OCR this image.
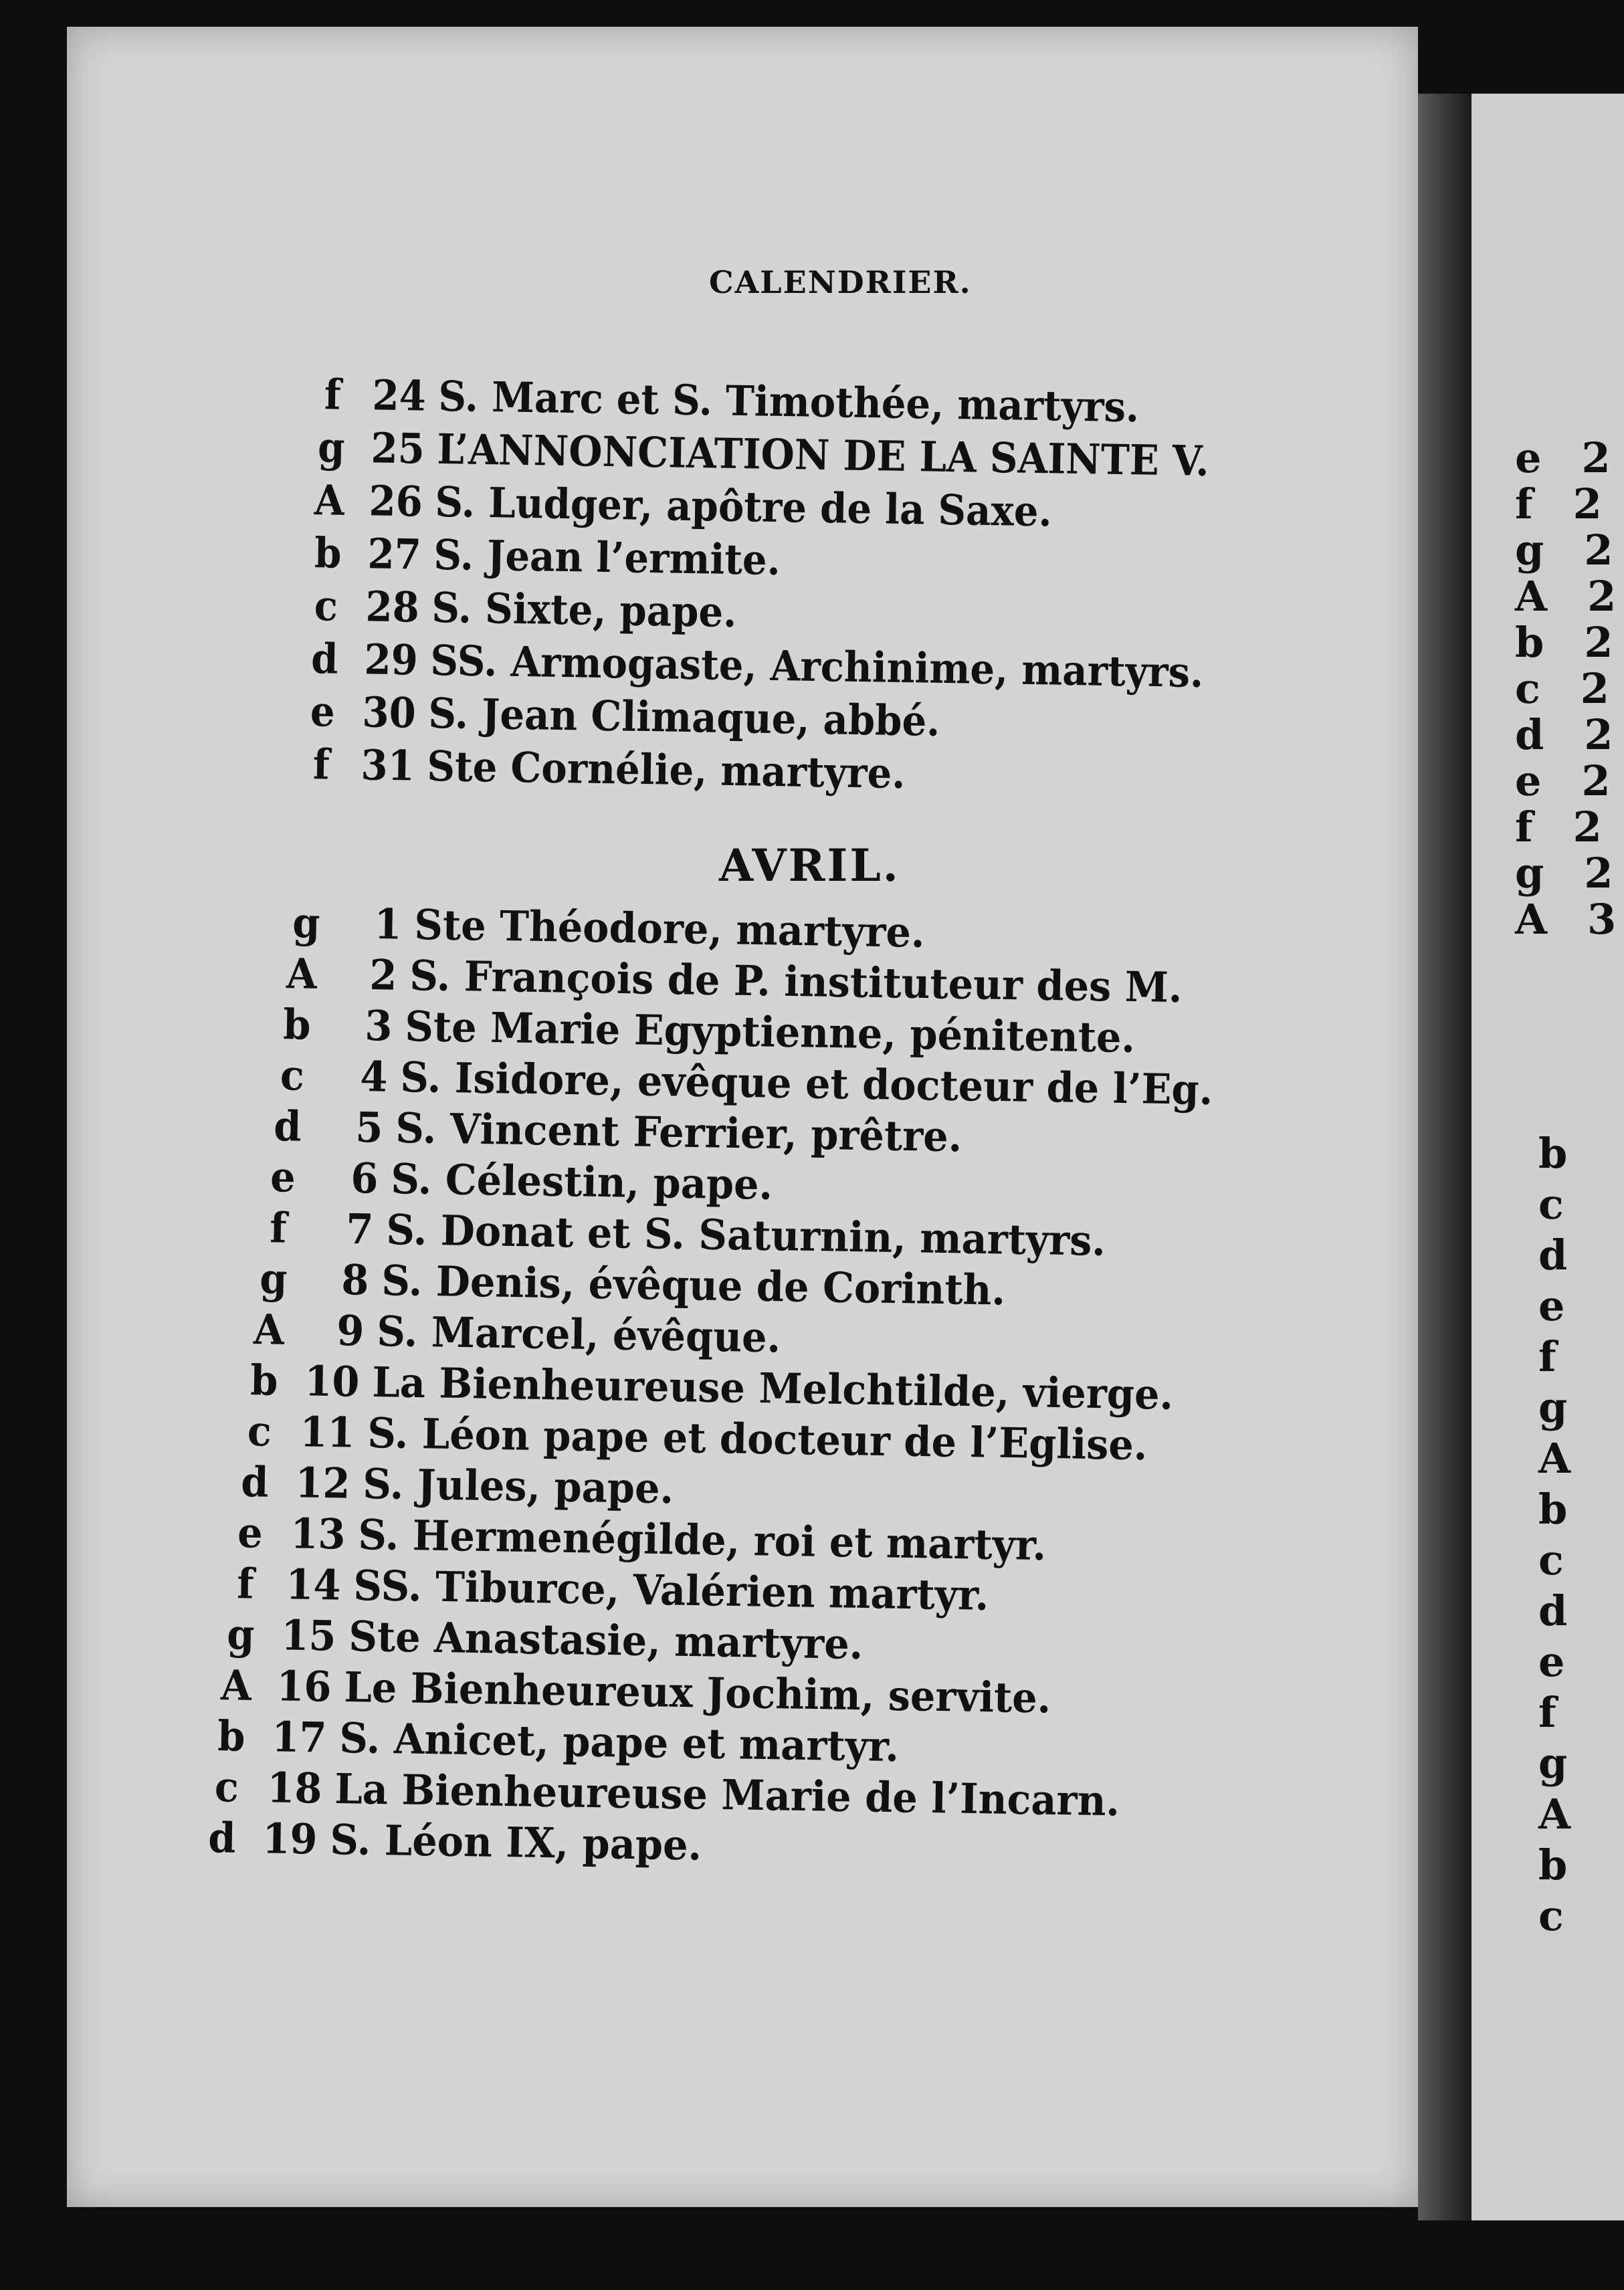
CALENDRIER.
f 24 S. Marc et S. Timothée, martyrs.
g 25 L’ANNONCIATION DE LA SAINTE V.
A 26 S. Ludger, apôtre de la Saxe.
b 27 S. Jean l’ermite.
c 28 S. Sixte, pape.
d 29 SS. Armogaste, Archinime, martyrs.
e 30 S. Jean Climaque, abbé.
f 31 Ste Cornélie, martyre.
AVRIL.
g	1 Ste Théodore, martyre.
A	2 S. François de P. instituteur des M.
b	3 Ste Marie Egyptienne, pénitente.
c	4 S. Isidore, evêque et docteur de l’Eg.
d	5 S. Vincent Ferrier, prêtre.
e	6 S. Célestin, pape.
f	7 S. Donat et S. Saturnin, martyrs.
g	8 S. Denis, évêque de Corinth.
A	9 S. Marcel, évêque.
b 10 La Bienheureuse Melchtilde, vierge.
c 11 S. Léon pape et docteur de l’Eglise.
d 12 S. Jules, pape.
e 13 S. Hermenégilde, roi et martyr.
f 14 SS. Tiburce, Valérien martyr.
g 15 Ste Anastasie, martyre.
A 16 Le Bienheureux Jochim, servite.
b 17 S. Anicet, pape et martyr.
c 18 La Bienheureuse Marie de l’Incarn.
d 19 S. Léon IX, pape.
e 2
f 2
g 2
A 2
b 2
c 2
d 2
e 2
f 2
g 2
A 3
b
c
d
e
f
g
A
b
c
d
e
f
g
A
b
c
